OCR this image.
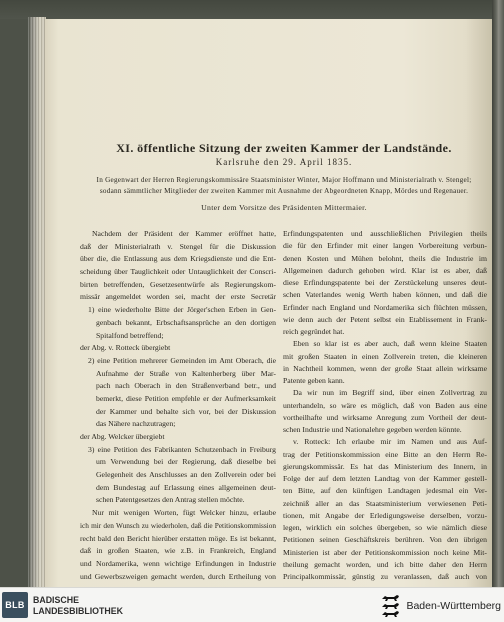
XI. öffentliche Sitzung der zweiten Kammer der Landstände.
Karlsruhe den 29. April 1835.
In Gegenwart der Herren Regierungskommissäre Staatsminister Winter, Major Hoffmann und Ministerialrath v. Stengel;
sodann sämmtlicher Mitglieder der zweiten Kammer mit Ausnahme der Abgeordneten Knapp, Mördes und Regenauer.
Unter dem Vorsitze des Präsidenten Mittermaier.
Nachdem der Präsident der Kammer eröffnet hatte,
daß der Ministerialrath v. Stengel für die Diskussion
über die, die Entlassung aus dem Kriegsdienste und die Ent-
scheidung über Tauglichkeit oder Untauglichkeit der Conscri-
birten betreffenden, Gesetzesentwürfe als Regierungskom-
missär angemeldet worden sei, macht der erste Secretär
1) eine wiederholte Bitte der Jörger'schen Erben in Gen-
genbach bekannt, Erbschaftsansprüche an den dortigen
Spitalfond betreffend;
der Abg. v. Rotteck übergiebt
2) eine Petition mehrerer Gemeinden im Amt Oberach, die
Aufnahme der Straße von Kaltenherberg über Mar-
pach nach Oberach in den Straßenverband betr., und
bemerkt, diese Petition empfehle er der Aufmerksamkeit
der Kammer und behalte sich vor, bei der Diskussion
das Nähere nachzutragen;
der Abg. Welcker übergiebt
3) eine Petition des Fabrikanten Schutzenbach in Freiburg
um Verwendung bei der Regierung, daß dieselbe bei
Gelegenheit des Anschlusses an den Zollverein oder bei
dem Bundestag auf Erlassung eines allgemeinen deut-
schen Patentgesetzes den Antrag stellen möchte.
Nur mit wenigen Worten, fügt Welcker hinzu, erlaube
ich mir den Wunsch zu wiederholen, daß die Petitionskommission
recht bald den Bericht hierüber erstatten möge. Es ist bekannt,
daß in großen Staaten, wie z.B. in Frankreich, England
und Nordamerika, wenn wichtige Erfindungen in Industrie
und Gewerbszweigen gemacht werden, durch Ertheilung von
Erfindungspatenten und ausschließlichen Privilegien theils
die für den Erfinder mit einer langen Vorbereitung verbun-
denen Kosten und Mühen belohnt, theils die Industrie im
Allgemeinen dadurch gehoben wird. Klar ist es aber, daß
diese Erfindungspatente bei der Zerstückelung unseres deut-
schen Vaterlandes wenig Werth haben können, und daß die
Erfinder nach England und Nordamerika sich flüchten müssen,
wie denn auch der Petent selbst ein Etablissement in Frank-
reich gegründet hat.
Eben so klar ist es aber auch, daß wenn kleine Staaten
mit großen Staaten in einen Zollverein treten, die kleineren
in Nachtheil kommen, wenn der große Staat allein wirksame
Patente geben kann.
Da wir nun im Begriff sind, über einen Zollvertrag zu
unterhandeln, so wäre es möglich, daß von Baden aus eine
vortheilhafte und wirksame Anregung zum Vortheil der deut-
schen Industrie und Nationalehre gegeben werden könnte.
v. Rotteck: Ich erlaube mir im Namen und aus Auf-
trag der Petitionskommission eine Bitte an den Herrn Re-
gierungskommissär. Es hat das Ministerium des Innern, in
Folge der auf dem letzten Landtag von der Kammer gestell-
ten Bitte, auf den künftigen Landtagen jedesmal ein Ver-
zeichniß aller an das Staatsministerium verwiesenen Peti-
tionen, mit Angabe der Erledigungsweise derselben, vorzu-
legen, wirklich ein solches übergeben, so wie nämlich diese
Petitionen seinen Geschäftskreis berühren. Von den übrigen
Ministerien ist aber der Petitionskommission noch keine Mit-
theilung gemacht worden, und ich bitte daher den Herrn
Principalkommissär, günstig zu veranlassen, daß auch von
BLB BADISCHE
LANDESBIBLIOTHEK	Baden-Württemberg
